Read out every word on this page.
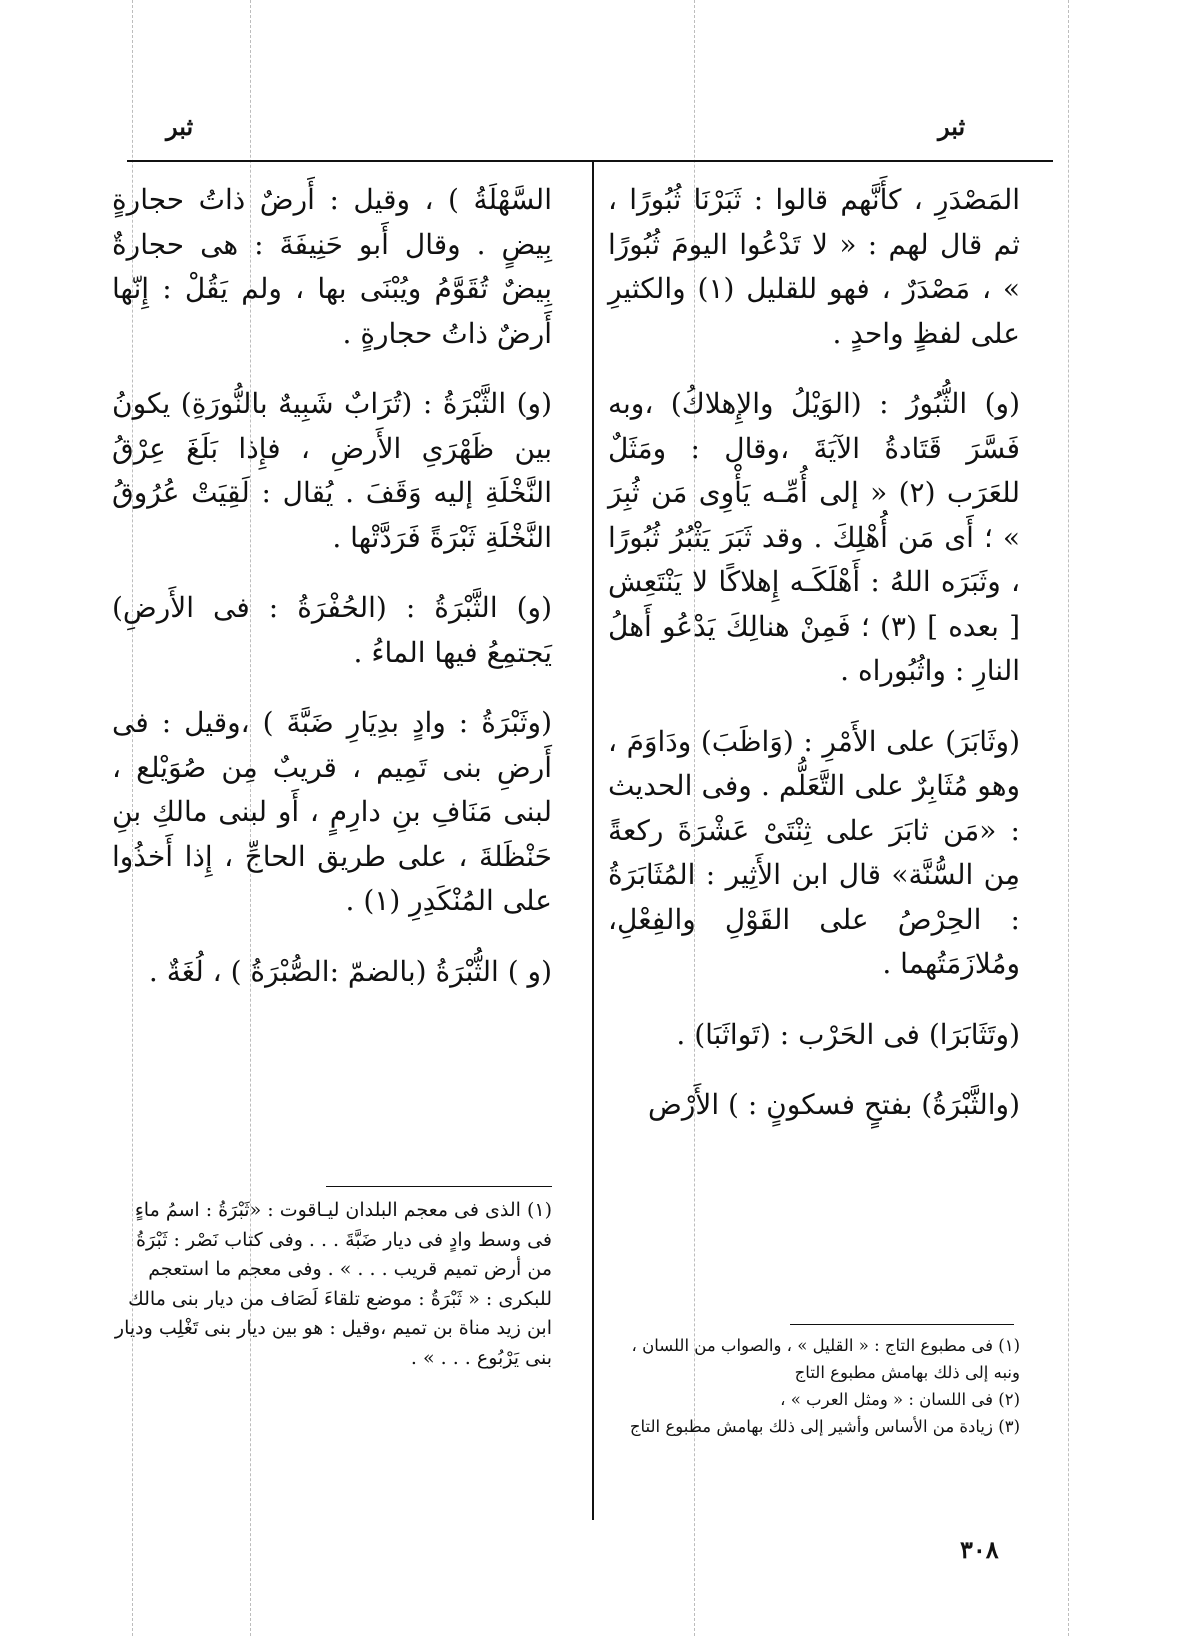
ثبر
ثبر

المَصْدَرِ ، كأَنَّهم قالوا : ثَبَرْنَا ثُبُورًا ، ثم قال لهم : « لا تَدْعُوا اليومَ ثُبُورًا » ، مَصْدَرٌ ، فهو للقليل (١) والكثيرِ على لفظٍ واحدٍ .

(و) الثُّبُورُ : (الوَيْلُ والإِهلاكُ) ،وبه فَسَّرَ قَتَادةُ الآيَةَ ،وقال : ومَثَلٌ للعَرَب (٢) « إلى أُمِّـه يَأْوِى مَن ثُبِرَ » ؛ أَى مَن أُهْلِكَ . وقد ثَبَرَ يَثْبُرُ ثُبُورًا ، وثَبَرَه اللهُ : أَهْلَكَـه إِهلاكًا لا يَنْتَعِش [ بعده ] (٣) ؛ فَمِنْ هنالِكَ يَدْعُو أَهلُ النارِ : واثُبُوراه .

(وثَابَرَ) على الأَمْرِ : (وَاظَبَ) ودَاوَمَ ، وهو مُثَابِرٌ على التَّعَلُّم . وفى الحديث : «مَن ثابَرَ على ثِنْتَىْ عَشْرَةَ ركعةً مِن السُّنَّة» قال ابن الأَثِير : المُثَابَرَةُ : الحِرْصُ على القَوْلِ والفِعْلِ، ومُلازَمَتُهما .

(وتَثَابَرَا) فى الحَرْب : (تَواثَبَا) .

(والثَّبْرَةُ) بفتحٍ فسكونٍ : ) الأَرْض

(١) فى مطبوع التاج : « القليل » ، والصواب من اللسان ، ونبه إلى ذلك بهامش مطبوع التاج

(٢) فى اللسان : « ومثل العرب » ،

(٣) زيادة من الأساس وأشير إلى ذلك بهامش مطبوع التاج

السَّهْلَةُ ) ، وقيل : أَرضٌ ذاتُ حجارةٍ بِيضٍ . وقال أَبو حَنِيفَةَ : هى حجارةٌ بِيضٌ تُقَوَّمُ ويُبْنَى بها ، ولم يَقُلْ : إِنّها أَرضٌ ذاتُ حجارةٍ .

(و) الثَّبْرَةُ : (تُرَابٌ شَبِيهٌ بالنُّورَةِ) يكونُ بين ظَهْرَىِ الأَرضِ ، فإِذا بَلَغَ عِرْقُ النَّخْلَةِ إليه وَقَفَ . يُقال : لَقِيَتْ عُرُوقُ النَّخْلَةِ ثَبْرَةً فَرَدَّتْها .

(و) الثَّبْرَةُ : (الحُفْرَةُ : فى الأَرضِ) يَجتمِعُ فيها الماءُ .

(وثَبْرَةُ : وادٍ بدِيَارِ ضَبَّةَ ) ،وقيل : فى أَرضِ بنى تَمِيم ، قريبٌ مِن صُوَيْلع ، لبنى مَنَافِ بنِ دارِمٍ ، أَو لبنى مالكِ بنِ حَنْظَلةَ ، على طريق الحاجِّ ، إِذا أَخذُوا على المُنْكَدِرِ (١) .

(و ) الثُّبْرَةُ (بالضمّ :الصُّبْرَةُ ) ، لُغَةٌ .

(١) الذى فى معجم البلدان ليـاقوت : «ثَبْرَةُ : اسمُ ماءٍ فى وسط وادٍ فى ديار ضَبَّةَ . . . وفى كتاب نَصْر : ثَبْرَةُ من أرض تميم قريب . . . » . وفى معجم ما استعجم للبكرى : « ثَبْرَةُ : موضع تلقاءَ لَصَاف من ديار بنى مالك ابن زيد مناة بن تميم ،وقيل : هو بين ديار بنى تَغْلِب وديار بنى يَرْبُوع . . . » .

٣٠٨
